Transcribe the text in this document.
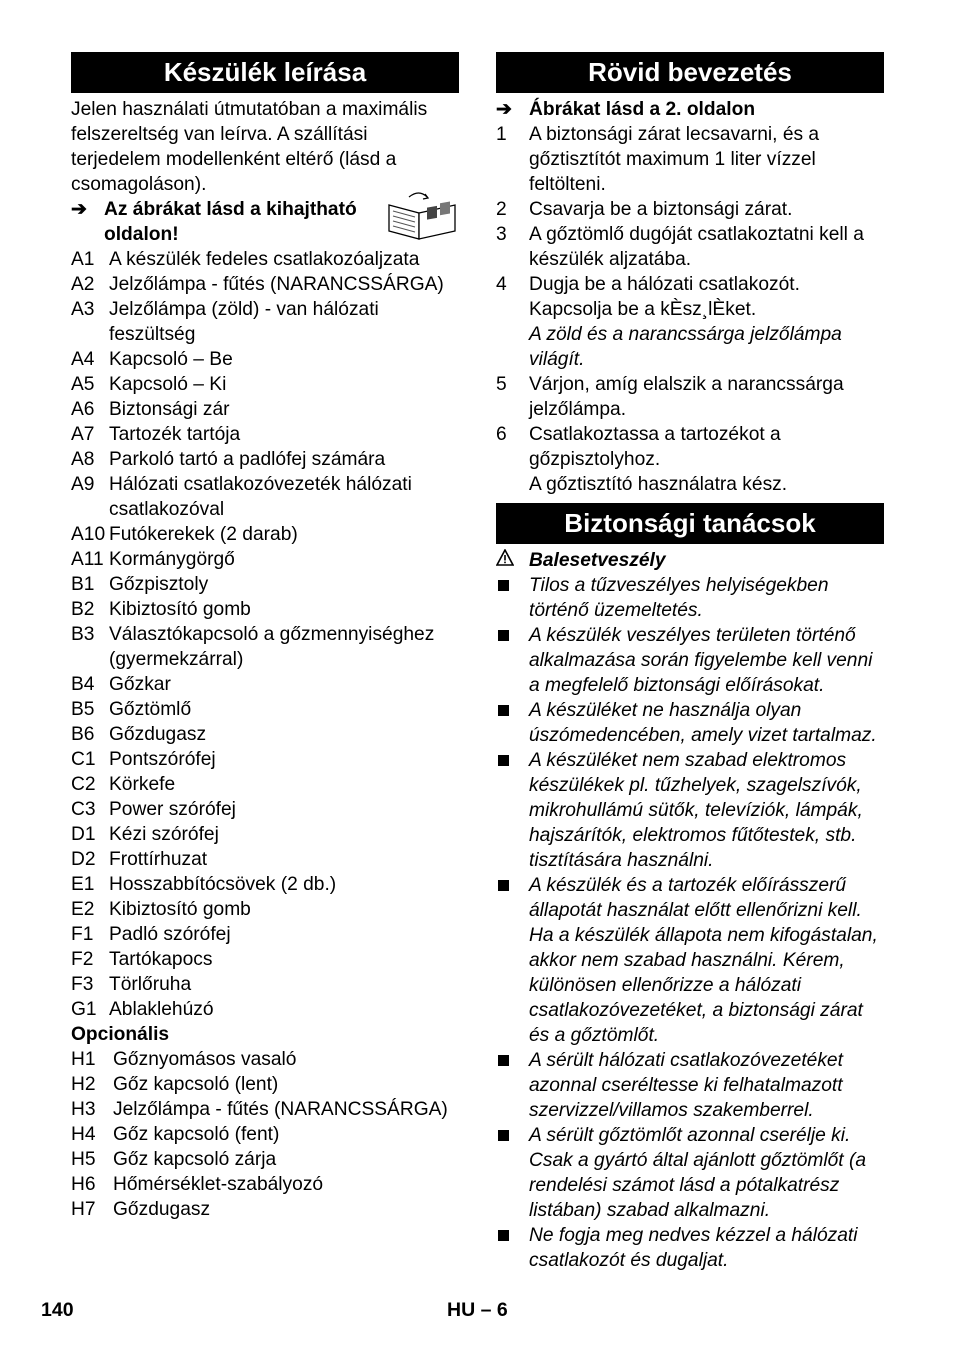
Készülék leírása

Jelen használati útmutatóban a maximális felszereltség van leírva. A szállítási terjedelem modellenként eltérő (lásd a csomagoláson).

➔ Az ábrákat lásd a kihajtható oldalon!
A1 A készülék fedeles csatlakozóaljzata
A2 Jelzőlámpa - fűtés (NARANCSSÁRGA)
A3 Jelzőlámpa (zöld) - van hálózati feszültség
A4 Kapcsoló – Be
A5 Kapcsoló – Ki
A6 Biztonsági zár
A7 Tartozék tartója
A8 Parkoló tartó a padlófej számára
A9 Hálózati csatlakozóvezeték hálózati csatlakozóval
A10 Futókerekek (2 darab)
A11 Kormánygörgő
B1 Gőzpisztoly
B2 Kibiztosító gomb
B3 Választókapcsoló a gőzmennyiséghez (gyermekzárral)
B4 Gőzkar
B5 Gőztömlő
B6 Gőzdugasz
C1 Pontszórófej
C2 Körkefe
C3 Power szórófej
D1 Kézi szórófej
D2 Frottírhuzat
E1 Hosszabbítócsövek (2 db.)
E2 Kibiztosító gomb
F1 Padló szórófej
F2 Tartókapocs
F3 Törlőruha
G1 Ablaklehúzó
Opcionális
H1 Gőznyomásos vasaló
H2 Gőz kapcsoló (lent)
H3 Jelzőlámpa - fűtés (NARANCSSÁRGA)
H4 Gőz kapcsoló (fent)
H5 Gőz kapcsoló zárja
H6 Hőmérséklet-szabályozó
H7 Gőzdugasz
Rövid bevezetés
➔ Ábrákat lásd a 2. oldalon
1	A biztonsági zárat lecsavarni, és a gőztisztítót maximum 1 liter vízzel feltölteni.

2	Csavarja be a biztonsági zárat.

3	A gőztömlő dugóját csatlakoztatni kell a készülék aljzatába.

4	Dugja be a hálózati csatlakozót.

Kapcsolja be a kÈsz¸lÈket.

A zöld és a narancssárga jelzőlámpa világít.

5	Várjon, amíg elalszik a narancssárga jelzőlámpa.

6	Csatlakoztassa a tartozékot a gőzpisztolyhoz.

A gőztisztító használatra kész.

Biztonsági tanácsok
Balesetveszély
Tilos a tűzveszélyes helyiségekben történő üzemeltetés.
A készülék veszélyes területen történő alkalmazása során figyelembe kell venni a megfelelő biztonsági előírásokat.
A készüléket ne használja olyan úszómedencében, amely vizet tartalmaz.
A készüléket nem szabad elektromos készülékek pl. tűzhelyek, szagelszívók, mikrohullámú sütők, televíziók, lámpák, hajszárítók, elektromos fűtőtestek, stb. tisztítására használni.
A készülék és a tartozék előírásszerű állapotát használat előtt ellenőrizni kell. Ha a készülék állapota nem kifogástalan, akkor nem szabad használni. Kérem, különösen ellenőrizze a hálózati csatlakozóvezetéket, a biztonsági zárat és a gőztömlőt.
A sérült hálózati csatlakozóvezetéket azonnal cseréltesse ki felhatalmazott szervizzel/villamos szakemberrel.
A sérült gőztömlőt azonnal cserélje ki. Csak a gyártó által ajánlott gőztömlőt (a rendelési számot lásd a pótalkatrész listában) szabad alkalmazni.
Ne fogja meg nedves kézzel a hálózati csatlakozót és dugaljat.
140	HU – 6
